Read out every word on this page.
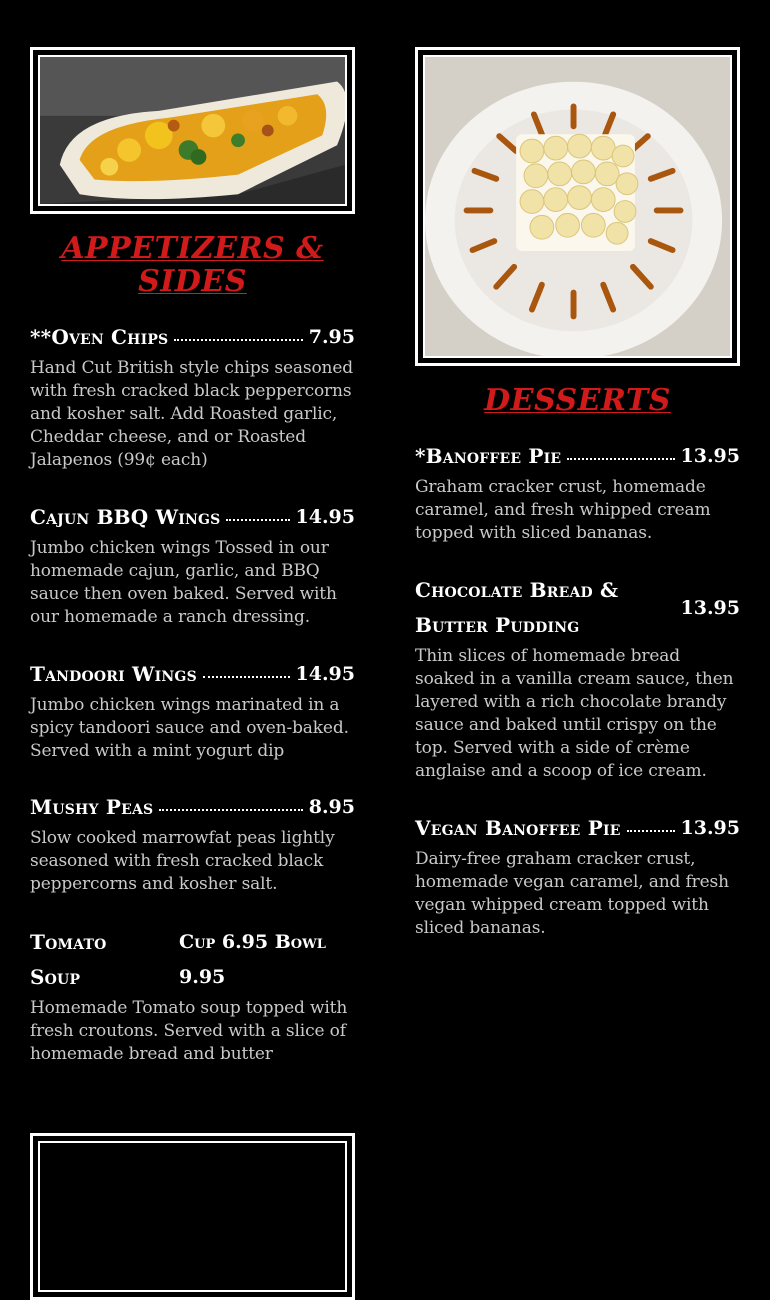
APPETIZERS & SIDES
**Oven Chips	7.95
Hand Cut British style chips seasoned with fresh cracked black peppercorns and kosher salt. Add Roasted garlic, Cheddar cheese, and or Roasted Jalapenos (99¢ each)
Cajun BBQ Wings	14.95
Jumbo chicken wings Tossed in our homemade cajun, garlic, and BBQ sauce then oven baked. Served with our homemade a ranch dressing.
Tandoori Wings	14.95
Jumbo chicken wings marinated in a spicy tandoori sauce and oven-baked. Served with a mint yogurt dip
Mushy Peas	8.95
Slow cooked marrowfat peas lightly seasoned with fresh cracked black peppercorns and kosher salt.
Tomato Soup
Cup 6.95 Bowl 9.95
Homemade Tomato soup topped with fresh croutons. Served with a slice of homemade bread and butter
DESSERTS
*Banoffee Pie	13.95
Graham cracker crust, homemade caramel, and fresh whipped cream topped with sliced bananas.
Chocolate Bread & Butter Pudding
13.95
Thin slices of homemade bread soaked in a vanilla cream sauce, then layered with a rich chocolate brandy sauce and baked until crispy on the top. Served with a side of crème anglaise and a scoop of ice cream.
Vegan Banoffee Pie	13.95
Dairy-free graham cracker crust, homemade vegan caramel, and fresh vegan whipped cream topped with sliced bananas.
